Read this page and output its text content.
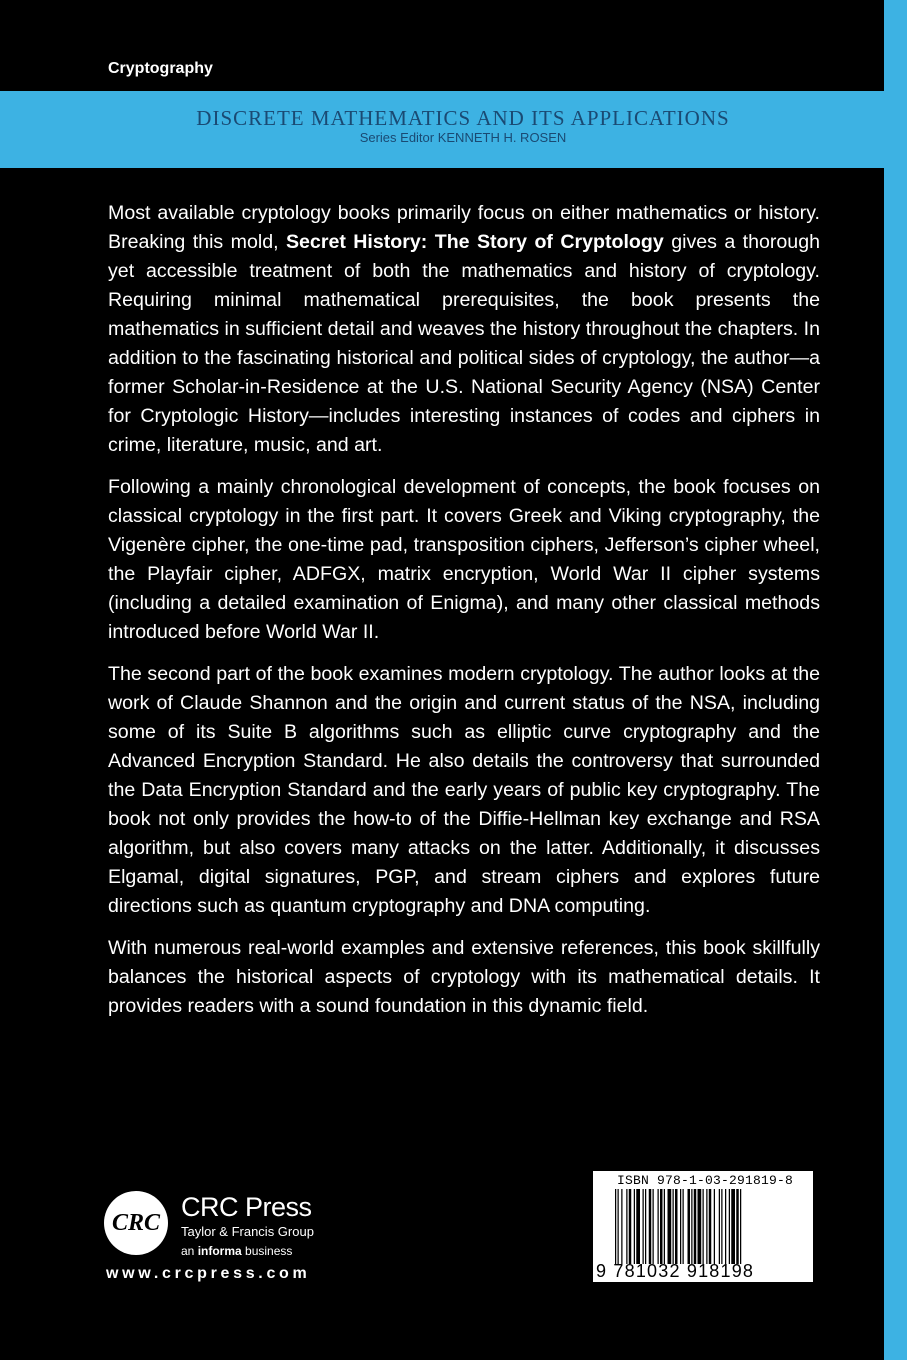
Cryptography
DISCRETE MATHEMATICS AND ITS APPLICATIONS
Series Editor KENNETH H. ROSEN

Most available cryptology books primarily focus on either mathematics or history. Breaking this mold, Secret History: The Story of Cryptology gives a thorough yet accessible treatment of both the mathematics and history of cryptology. Requiring minimal mathematical prerequisites, the book presents the mathematics in sufficient detail and weaves the history throughout the chapters. In addition to the fascinating historical and political sides of cryptology, the author—a former Scholar-in-Residence at the U.S. National Security Agency (NSA) Center for Cryptologic History—includes interesting instances of codes and ciphers in crime, literature, music, and art.

Following a mainly chronological development of concepts, the book focuses on classical cryptology in the first part. It covers Greek and Viking cryptography, the Vigenère cipher, the one-time pad, transposition ciphers, Jefferson’s cipher wheel, the Playfair cipher, ADFGX, matrix encryption, World War II cipher systems (including a detailed examination of Enigma), and many other classical methods introduced before World War II.

The second part of the book examines modern cryptology. The author looks at the work of Claude Shannon and the origin and current status of the NSA, including some of its Suite B algorithms such as elliptic curve cryptography and the Advanced Encryption Standard. He also details the controversy that surrounded the Data Encryption Standard and the early years of public key cryptography. The book not only provides the how-to of the Diffie-Hellman key exchange and RSA algorithm, but also covers many attacks on the latter. Additionally, it discusses Elgamal, digital signatures, PGP, and stream ciphers and explores future directions such as quantum cryptography and DNA computing.

With numerous real-world examples and extensive references, this book skillfully balances the historical aspects of cryptology with its mathematical details. It provides readers with a sound foundation in this dynamic field.

CRC
CRC Press
Taylor & Francis Group
an informa business
www.crcpress.com
ISBN 978-1-03-291819-8
9 781032 918198
